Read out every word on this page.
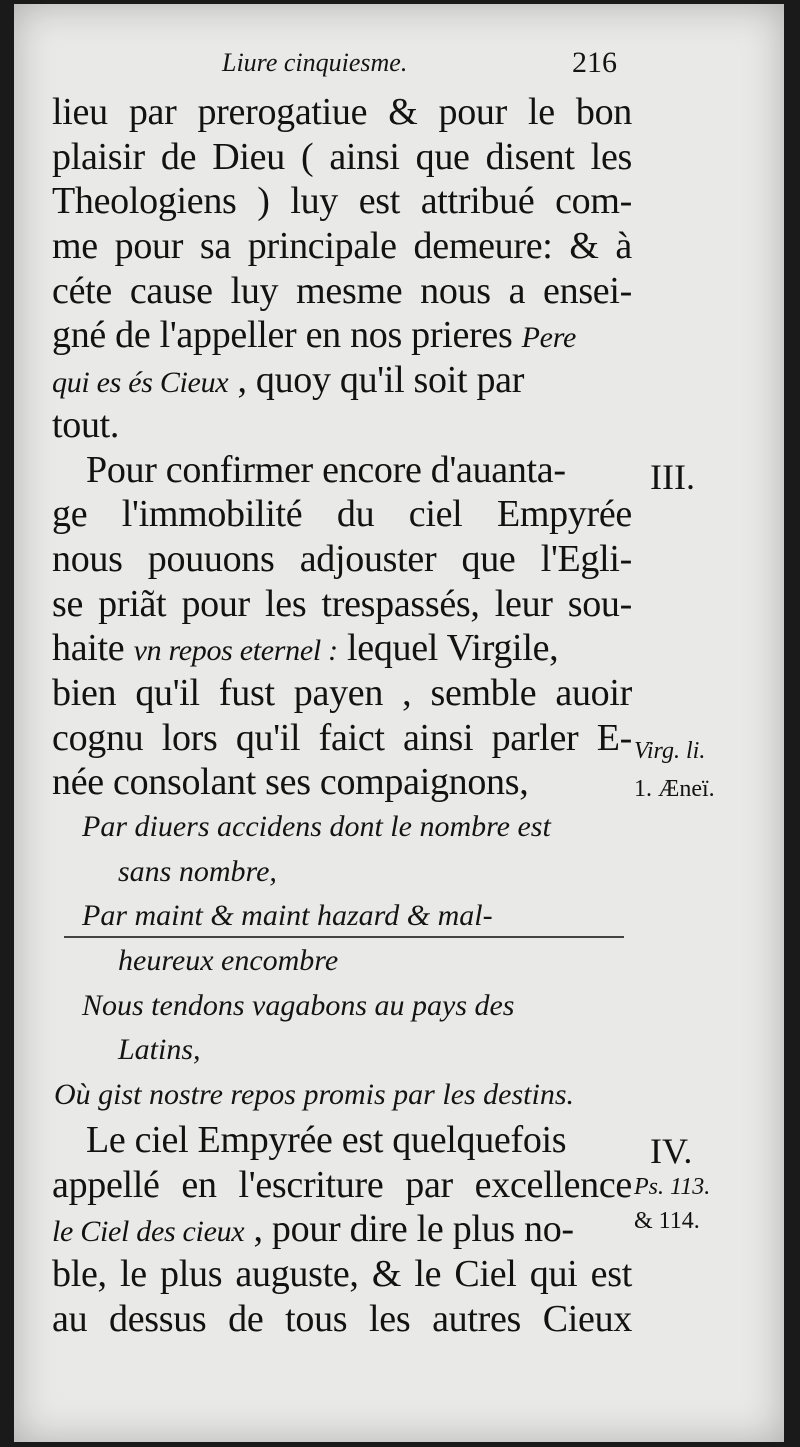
Liure cinquiesme.	216
lieu par prerogatiue & pour le bon
plaisir de Dieu ( ainsi que disent les
Theologiens ) luy est attribué com-
me pour sa principale demeure: & à
céte cause luy mesme nous a ensei-
gné de l'appeller en nos prieres Pere
qui es és Cieux , quoy qu'il soit par
tout.
Pour confirmer encore d'auanta-
ge l'immobilité du ciel Empyrée
nous pouuons adjouster que l'Egli-
se priãt pour les trespassés, leur sou-
haite vn repos eternel : lequel Virgile,
bien qu'il fust payen , semble auoir
cognu lors qu'il faict ainsi parler E-
née consolant ses compaignons,
Par diuers accidens dont le nombre est
sans nombre,
Par maint & maint hazard & mal-
heureux encombre
Nous tendons vagabons au pays des
Latins,
Où gist nostre repos promis par les destins.
Le ciel Empyrée est quelquefois
appellé en l'escriture par excellence
le Ciel des cieux , pour dire le plus no-
ble, le plus auguste, & le Ciel qui est
au dessus de tous les autres Cieux
III.
Virg. li.
1. Æneï.
IV.
Ps. 113.
& 114.
